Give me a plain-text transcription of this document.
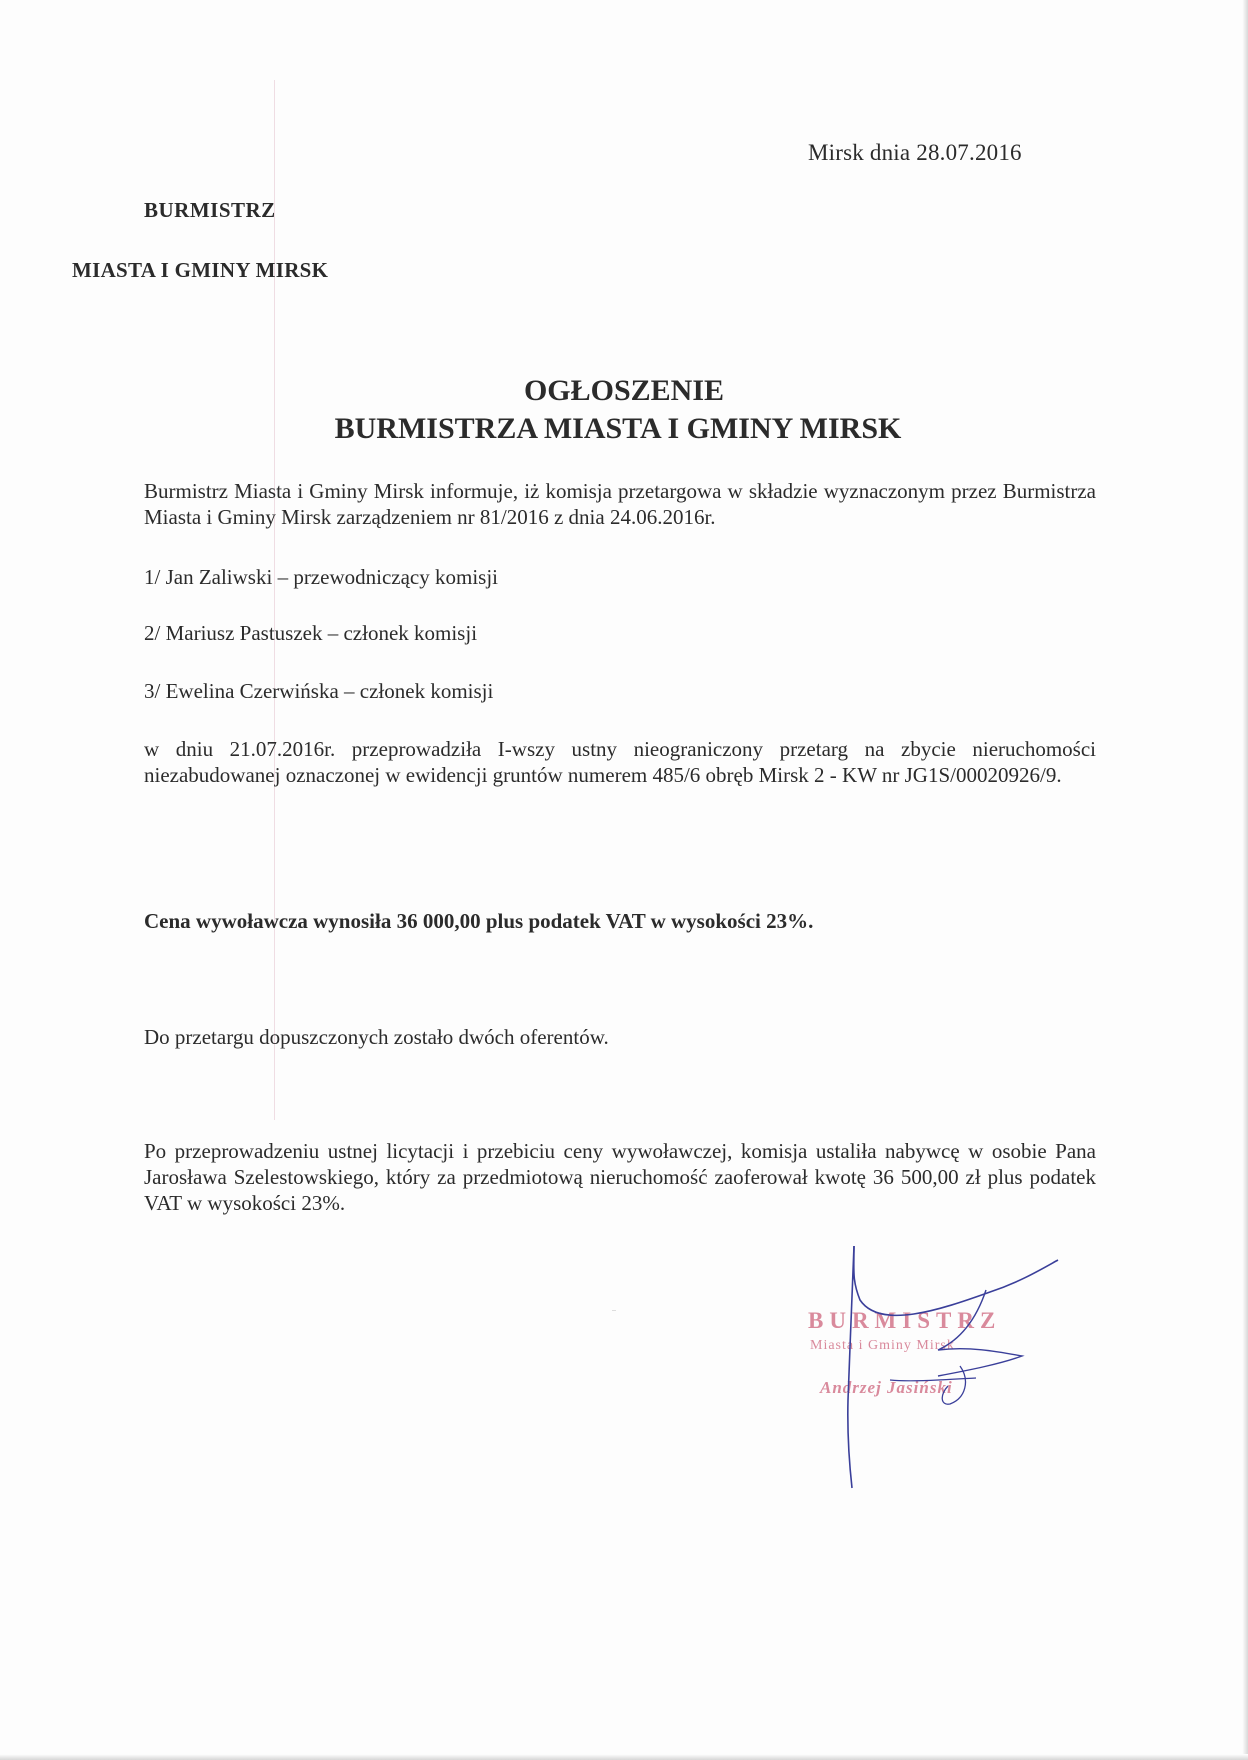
Mirsk dnia 28.07.2016
BURMISTRZ
MIASTA I GMINY MIRSK
OGŁOSZENIE
BURMISTRZA MIASTA I GMINY MIRSK
Burmistrz Miasta i Gminy Mirsk informuje, iż komisja przetargowa w składzie wyznaczonym przez Burmistrza Miasta i Gminy Mirsk zarządzeniem nr 81/2016 z dnia 24.06.2016r.
1/ Jan Zaliwski – przewodniczący komisji
2/ Mariusz Pastuszek – członek komisji
3/ Ewelina Czerwińska – członek komisji
w dniu 21.07.2016r. przeprowadziła I-wszy ustny nieograniczony przetarg na zbycie nieruchomości niezabudowanej oznaczonej w ewidencji gruntów numerem 485/6 obręb Mirsk 2 - KW nr JG1S/00020926/9.
Cena wywoławcza wynosiła 36 000,00 plus podatek VAT w wysokości 23%.
Do przetargu dopuszczonych zostało dwóch oferentów.
Po przeprowadzeniu ustnej licytacji i przebiciu ceny wywoławczej, komisja ustaliła nabywcę w osobie Pana Jarosława Szelestowskiego, który za przedmiotową nieruchomość zaoferował kwotę 36 500,00 zł plus podatek VAT w wysokości 23%.
BURMISTRZ
Miasta i Gminy Mirsk
Andrzej Jasiński
